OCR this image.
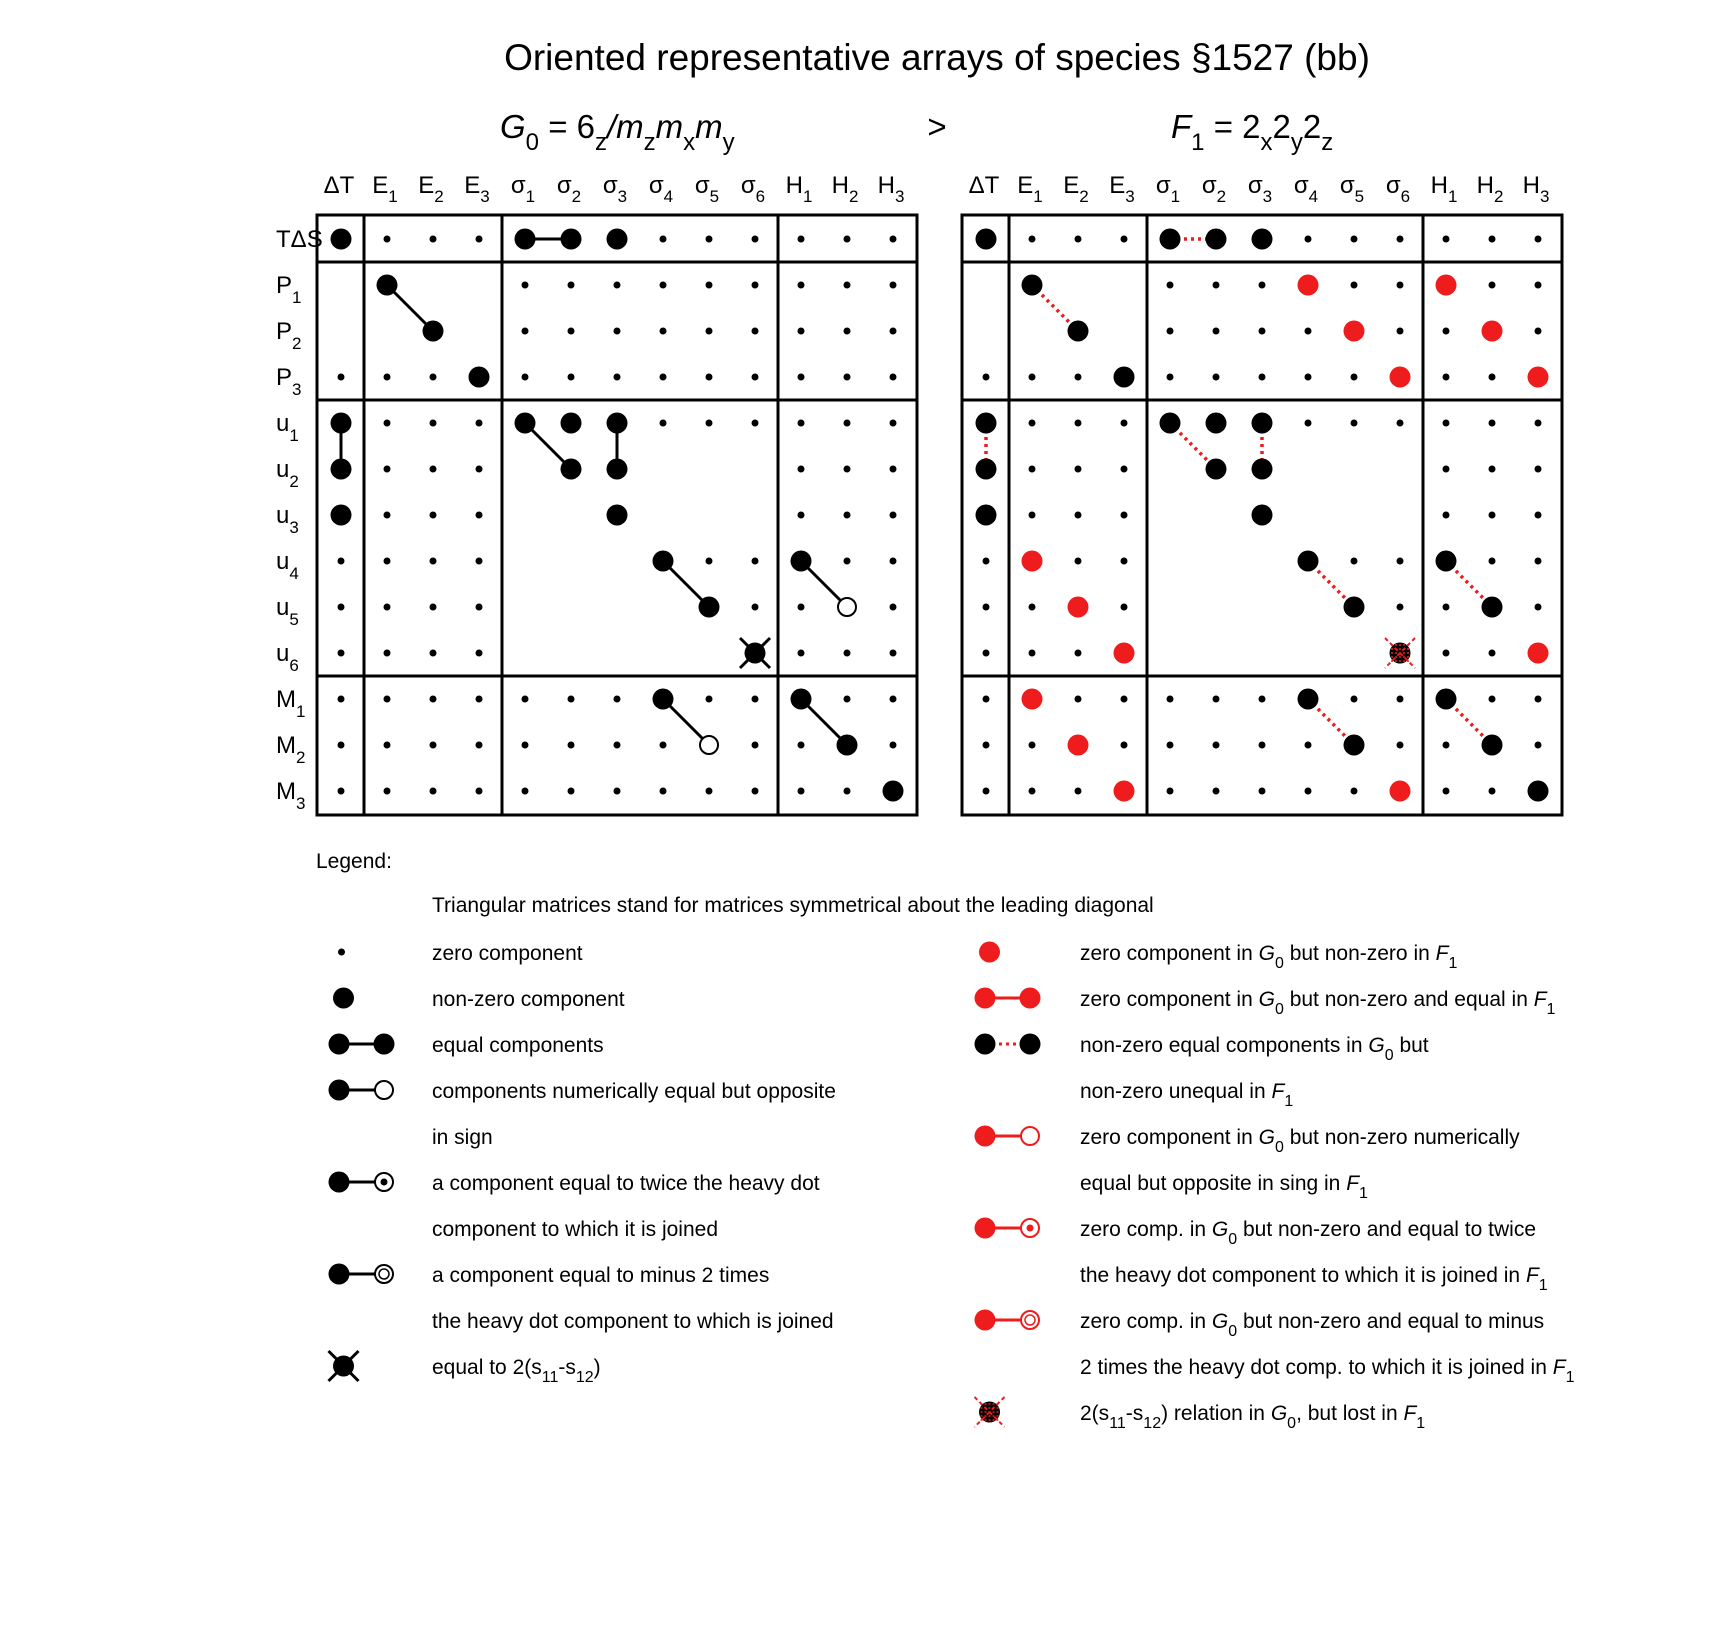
Oriented representative arrays of species §1527 (bb)
>
$G_0 = 6_z/m_zm_xm_y$	$F_1 = 2_x2_y2_z$
ΔT $E_1$ $E_2$ $E_3$ $\sigma_1$ $\sigma_2$ $\sigma_3$ $\sigma_4$ $\sigma_5$ $\sigma_6$ $H_1$ $H_2$ $H_3$
TΔS
$P_1$
$P_2$
$P_3$
$u_1$
$u_2$
$u_3$
$u_4$
$u_5$
$u_6$
$M_1$
$M_2$
$M_3$
ΔT $E_1$ $E_2$ $E_3$ $\sigma_1$ $\sigma_2$ $\sigma_3$ $\sigma_4$ $\sigma_5$ $\sigma_6$ $H_1$ $H_2$ $H_3$
Legend:
Triangular matrices stand for matrices symmetrical about the leading diagonal
zero component
non-zero component
equal components
components numerically equal but opposite
in sign
a component equal to twice the heavy dot
component to which it is joined
a component equal to minus 2 times
the heavy dot component to which is joined
equal to $2(s_{11}-s_{12})$
zero component in $G_0$ but non-zero in $F_1$
zero component in $G_0$ but non-zero and equal in $F_1$
non-zero equal components in $G_0$ but
non-zero unequal in $F_1$
zero component in $G_0$ but non-zero numerically
equal but opposite in sing in $F_1$
zero comp. in $G_0$ but non-zero and equal to twice
the heavy dot component to which it is joined in $F_1$
zero comp. in $G_0$ but non-zero and equal to minus
2 times the heavy dot comp. to which it is joined in $F_1$
$2(s_{11}-s_{12})$ relation in $G_0$, but lost in $F_1$
